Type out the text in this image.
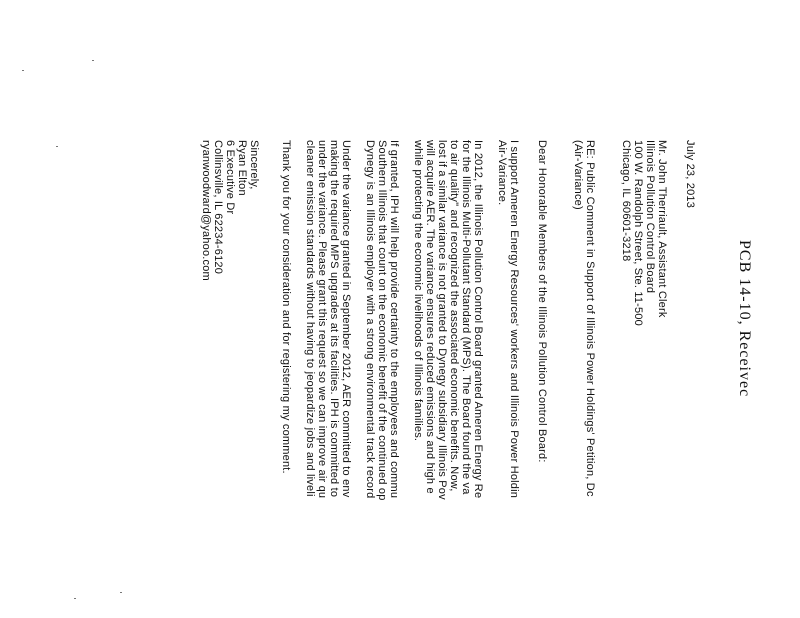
PCB 14-10, Receivec
July 23, 2013
Mr. John Therriault, Assistant Clerk
Illinois Pollution Control Board
100 W. Randolph Street, Ste. 11-500
Chicago, IL 60601-3218
RE: Public Comment in Support of Illinois Power Holdings' Petition, Dc
(Air-Variance)
Dear Honorable Members of the Illinois Pollution Control Board:
I support Ameren Energy Resources' workers and Illinois Power Holdin
Air-Variance.
In 2012, the Illinois Pollution Control Board granted Ameren Energy Re
for the Illinois Multi-Pollutant Standard (MPS). The Board found the va
to air quality" and recognized the associated economic benefits. Now,
lost if a similar variance is not granted to Dynegy subsidiary Illinois Pov
will acquire AER. The variance ensures reduced emissions and high e
while protecting the economic livelihoods of Illinois families.
If granted, IPH will help provide certainty to the employees and commu
Southern Illinois that count on the economic benefit of the continued op
Dynegy is an Illinois employer with a strong environmental track record
Under the variance granted in September 2012, AER committed to env
making the required MPS upgrades at its facilities. IPH is committed to
under the variance. Please grant this request so we can improve air qu
cleaner emission standards without having to jeopardize jobs and liveli
Thank you for your consideration and for registering my comment.
Sincerely,
Ryan Elton
6 Executive Dr
Collinsville, IL 62234-6120
ryanwoodward@yahoo.com
